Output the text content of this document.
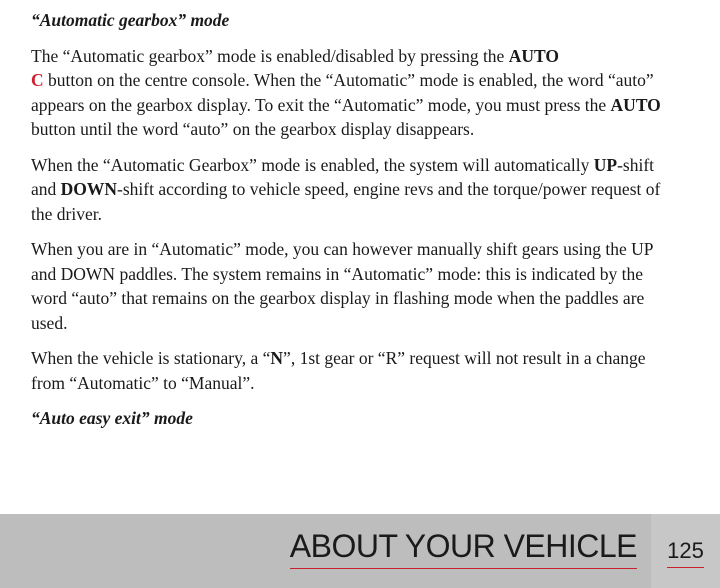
“Automatic gearbox” mode

The “Automatic gearbox” mode is enabled/disabled by pressing the AUTO
C button on the centre console. When the “Automatic” mode is enabled, the word “auto” appears on the gearbox display. To exit the “Automatic” mode, you must press the AUTO button until the word “auto” on the gearbox display disappears.

When the “Automatic Gearbox” mode is enabled, the system will automatically UP-shift and DOWN-shift according to vehicle speed, engine revs and the torque/power request of the driver.

When you are in “Automatic” mode, you can however manually shift gears using the UP and DOWN paddles. The system remains in “Automatic” mode: this is indicated by the word “auto” that remains on the gearbox display in flashing mode when the paddles are used.

When the vehicle is stationary, a “N”, 1st gear or “R” request will not result in a change from “Automatic” to “Manual”.

“Auto easy exit” mode

ABOUT YOUR VEHICLE	125
